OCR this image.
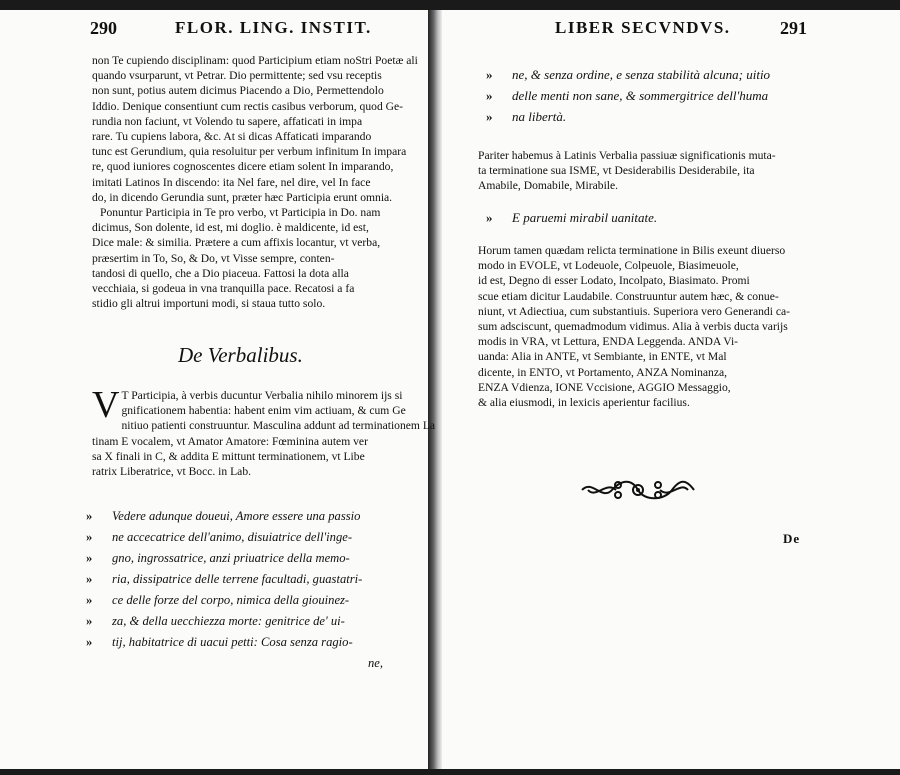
290	FLOR. LING. INSTIT.
non Te cupiendo disciplinam: quod Participium etiam noStri Poetæ ali
quando vsurparunt, vt Petrar. Dio permittente; sed vsu receptis
non sunt, potius autem dicimus Piacendo a Dio, Permettendolo
Iddio. Denique consentiunt cum rectis casibus verborum, quod Ge-
rundia non faciunt, vt Volendo tu sapere, affaticati in impa
rare. Tu cupiens labora, &c. At si dicas Affaticati imparando
tunc est Gerundium, quia resoluitur per verbum infinitum In impara
re, quod iuniores cognoscentes dicere etiam solent In imparando,
imitati Latinos In discendo: ita Nel fare, nel dire, vel In face
do, in dicendo Gerundia sunt, præter hæc Participia erunt omnia.
Ponuntur Participia in Te pro verbo, vt Participia in Do. nam
dicimus, Son dolente, id est, mi doglio. è maldicente, id est,
Dice male: & similia. Prætere a cum affixis locantur, vt verba,
præsertim in To, So, & Do, vt Visse sempre, conten-
tandosi di quello, che a Dio piaceua. Fattosi la dota alla
vecchiaia, si godeua in vna tranquilla pace. Recatosi a fa
stidio gli altrui importuni modi, si staua tutto solo.
De Verbalibus.
V T Participia, à verbis ducuntur Verbalia nihilo minorem ijs si
gnificationem habentia: habent enim vim actiuam, & cum Ge
nitiuo patienti construuntur. Masculina addunt ad terminationem La
tinam E vocalem, vt Amator Amatore: Fœminina autem ver
sa X finali in C, & addita E mittunt terminationem, vt Libe
ratrix Liberatrice, vt Bocc. in Lab.
» Vedere adunque doueui, Amore essere una passio
» ne accecatrice dell'animo, disuiatrice dell'inge-
» gno, ingrossatrice, anzi priuatrice della memo-
» ria, dissipatrice delle terrene facultadi, guastatri-
» ce delle forze del corpo, nimica della giouinez-
» za, & della uecchiezza morte: genitrice de' ui-
» tij, habitatrice di uacui petti: Cosa senza ragio-
ne,
LIBER SECVNDVS.	291
» ne, & senza ordine, e senza stabilità alcuna; uitio
» delle menti non sane, & sommergitrice dell'huma
» na libertà.
Pariter habemus à Latinis Verbalia passiuæ significationis muta-
ta terminatione sua ISME, vt Desiderabilis Desiderabile, ita
Amabile, Domabile, Mirabile.
» E paruemi mirabil uanitate.
Horum tamen quædam relicta terminatione in Bilis exeunt diuerso
modo in EVOLE, vt Lodeuole, Colpeuole, Biasimeuole,
id est, Degno di esser Lodato, Incolpato, Biasimato. Promi
scue etiam dicitur Laudabile. Construuntur autem hæc, & conue-
niunt, vt Adiectiua, cum substantiuis. Superiora vero Generandi ca-
sum adsciscunt, quemadmodum vidimus. Alia à verbis ducta varijs
modis in VRA, vt Lettura, ENDA Leggenda. ANDA Vi-
uanda: Alia in ANTE, vt Sembiante, in ENTE, vt Mal
dicente, in ENTO, vt Portamento, ANZA Nominanza,
ENZA Vdienza, IONE Vccisione, AGGIO Messaggio,
& alia eiusmodi, in lexicis aperientur facilius.
De
